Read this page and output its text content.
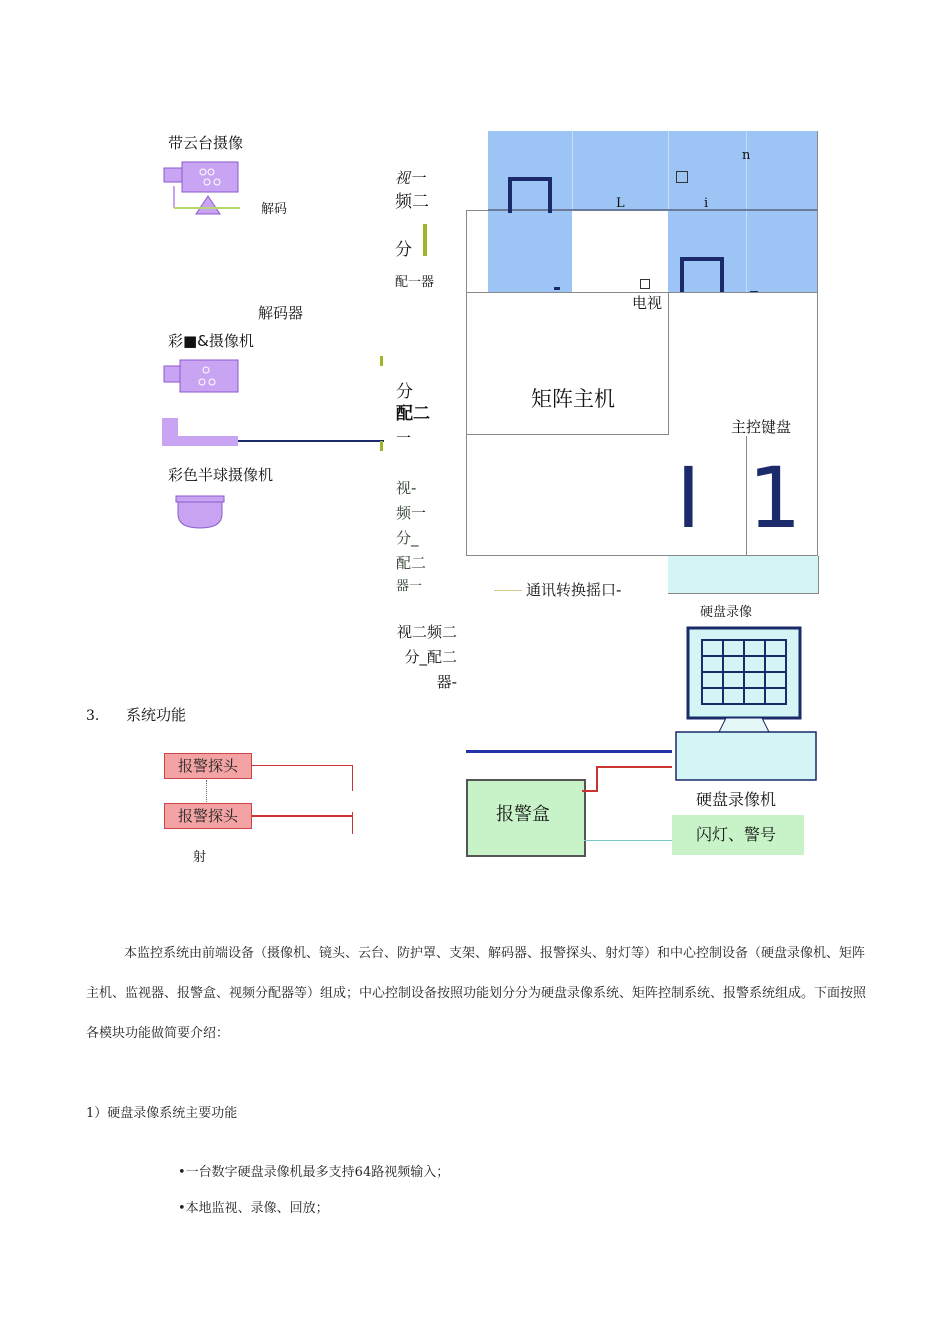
带云台摄像
解码
解码器
彩■&摄像机
彩色半球摄像机
视一
频二
分
配一器
分
配二
一
视-
频一
分_
配二
器一
视二频二
分_配二
器-
n
L	i
电视
矩阵主机
主控键盘
I 1
通讯转换摇口-
硬盘录像
硬盘录像机
报警盒
闪灯、警号
报警探头
报警探头
射
3. 系统功能
本监控系统由前端设备（摄像机、镜头、云台、防护罩、支架、解码器、报警探头、射灯等）和中心控制设备（硬盘录像机、矩阵主机、监视器、报警盒、视频分配器等）组成；中心控制设备按照功能划分分为硬盘录像系统、矩阵控制系统、报警系统组成。下面按照各模块功能做简要介绍：
1）硬盘录像系统主要功能
•一台数字硬盘录像机最多支持64路视频输入；
•本地监视、录像、回放；
